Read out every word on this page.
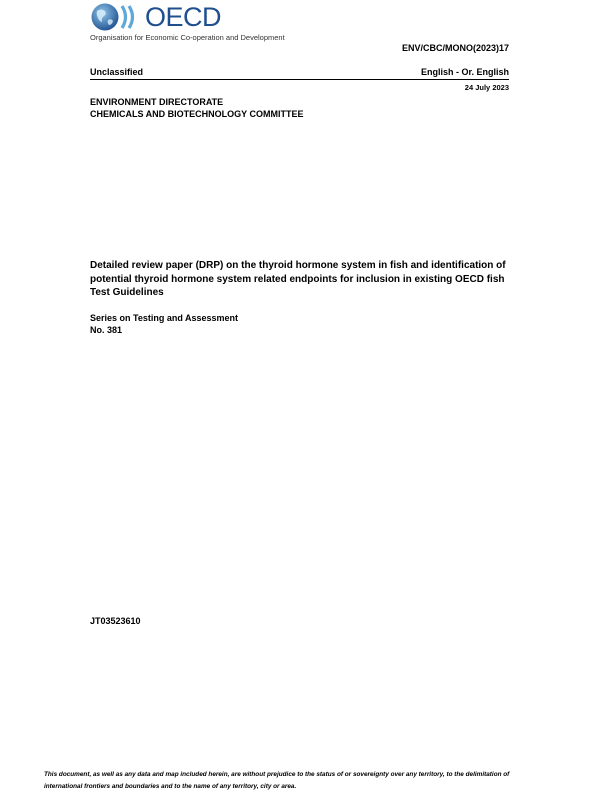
OECD
Organisation for Economic Co-operation and Development
ENV/CBC/MONO(2023)17
Unclassified	English - Or. English
24 July 2023
ENVIRONMENT DIRECTORATE
CHEMICALS AND BIOTECHNOLOGY COMMITTEE
Detailed review paper (DRP) on the thyroid hormone system in fish and identification of potential thyroid hormone system related endpoints for inclusion in existing OECD fish Test Guidelines
Series on Testing and Assessment
No. 381
JT03523610
This document, as well as any data and map included herein, are without prejudice to the status of or sovereignty over any territory, to the delimitation of international frontiers and boundaries and to the name of any territory, city or area.
